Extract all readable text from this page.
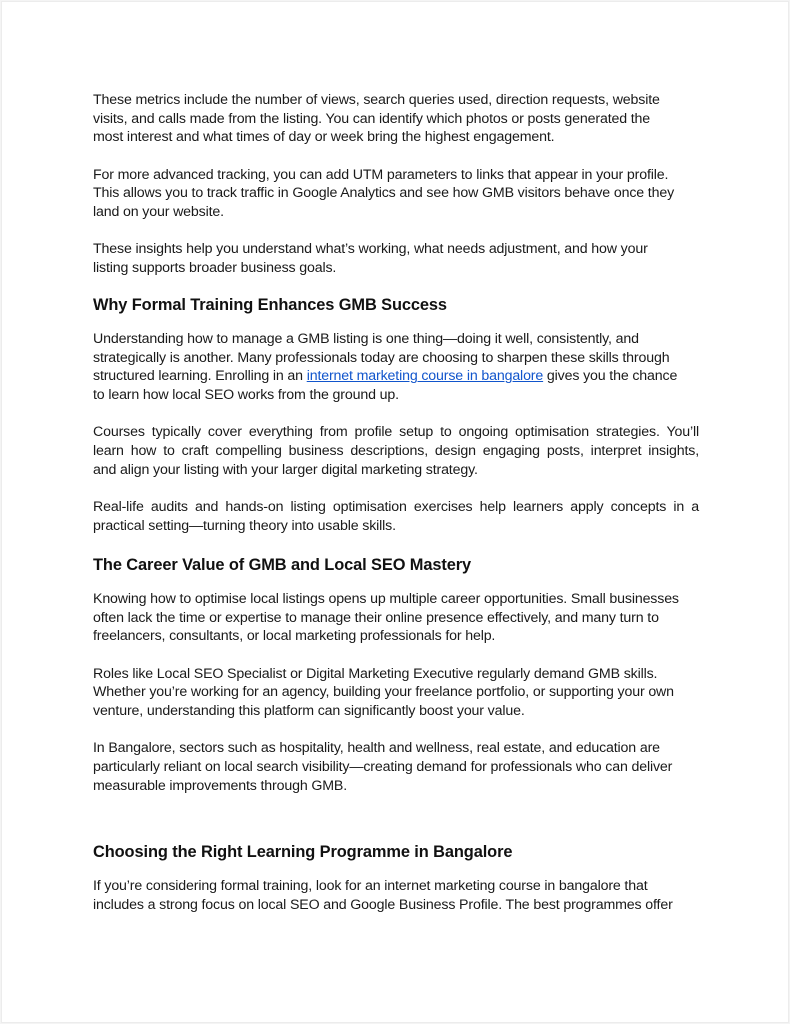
These metrics include the number of views, search queries used, direction requests, website
visits, and calls made from the listing. You can identify which photos or posts generated the
most interest and what times of day or week bring the highest engagement.

For more advanced tracking, you can add UTM parameters to links that appear in your profile.
This allows you to track traffic in Google Analytics and see how GMB visitors behave once they
land on your website.

These insights help you understand what’s working, what needs adjustment, and how your
listing supports broader business goals.

Why Formal Training Enhances GMB Success

Understanding how to manage a GMB listing is one thing—doing it well, consistently, and
strategically is another. Many professionals today are choosing to sharpen these skills through
structured learning. Enrolling in an internet marketing course in bangalore gives you the chance
to learn how local SEO works from the ground up.

Courses typically cover everything from profile setup to ongoing optimisation strategies. You’ll
learn how to craft compelling business descriptions, design engaging posts, interpret insights,
and align your listing with your larger digital marketing strategy.

Real-life audits and hands-on listing optimisation exercises help learners apply concepts in a
practical setting—turning theory into usable skills.

The Career Value of GMB and Local SEO Mastery

Knowing how to optimise local listings opens up multiple career opportunities. Small businesses
often lack the time or expertise to manage their online presence effectively, and many turn to
freelancers, consultants, or local marketing professionals for help.

Roles like Local SEO Specialist or Digital Marketing Executive regularly demand GMB skills.
Whether you’re working for an agency, building your freelance portfolio, or supporting your own
venture, understanding this platform can significantly boost your value.

In Bangalore, sectors such as hospitality, health and wellness, real estate, and education are
particularly reliant on local search visibility—creating demand for professionals who can deliver
measurable improvements through GMB.

Choosing the Right Learning Programme in Bangalore

If you’re considering formal training, look for an internet marketing course in bangalore that
includes a strong focus on local SEO and Google Business Profile. The best programmes offer
